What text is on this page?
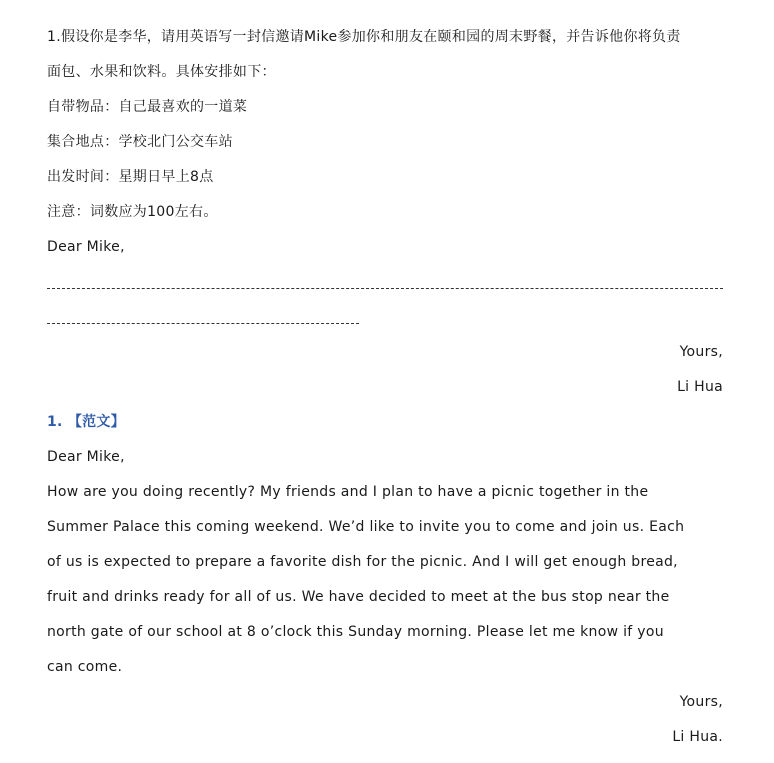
1.假设你是李华，请用英语写一封信邀请Mike参加你和朋友在颐和园的周末野餐，并告诉他你将负责
面包、水果和饮料。具体安排如下：
自带物品：自己最喜欢的一道菜
集合地点：学校北门公交车站
出发时间：星期日早上8点
注意：词数应为100左右。
Dear Mike,
Yours,
Li Hua
1. 【范文】
Dear Mike,
How are you doing recently? My friends and I plan to have a picnic together in the
Summer Palace this coming weekend. We’d like to invite you to come and join us. Each
of us is expected to prepare a favorite dish for the picnic. And I will get enough bread,
fruit and drinks ready for all of us. We have decided to meet at the bus stop near the
north gate of our school at 8 o’clock this Sunday morning. Please let me know if you
can come.
Yours,
Li Hua.
